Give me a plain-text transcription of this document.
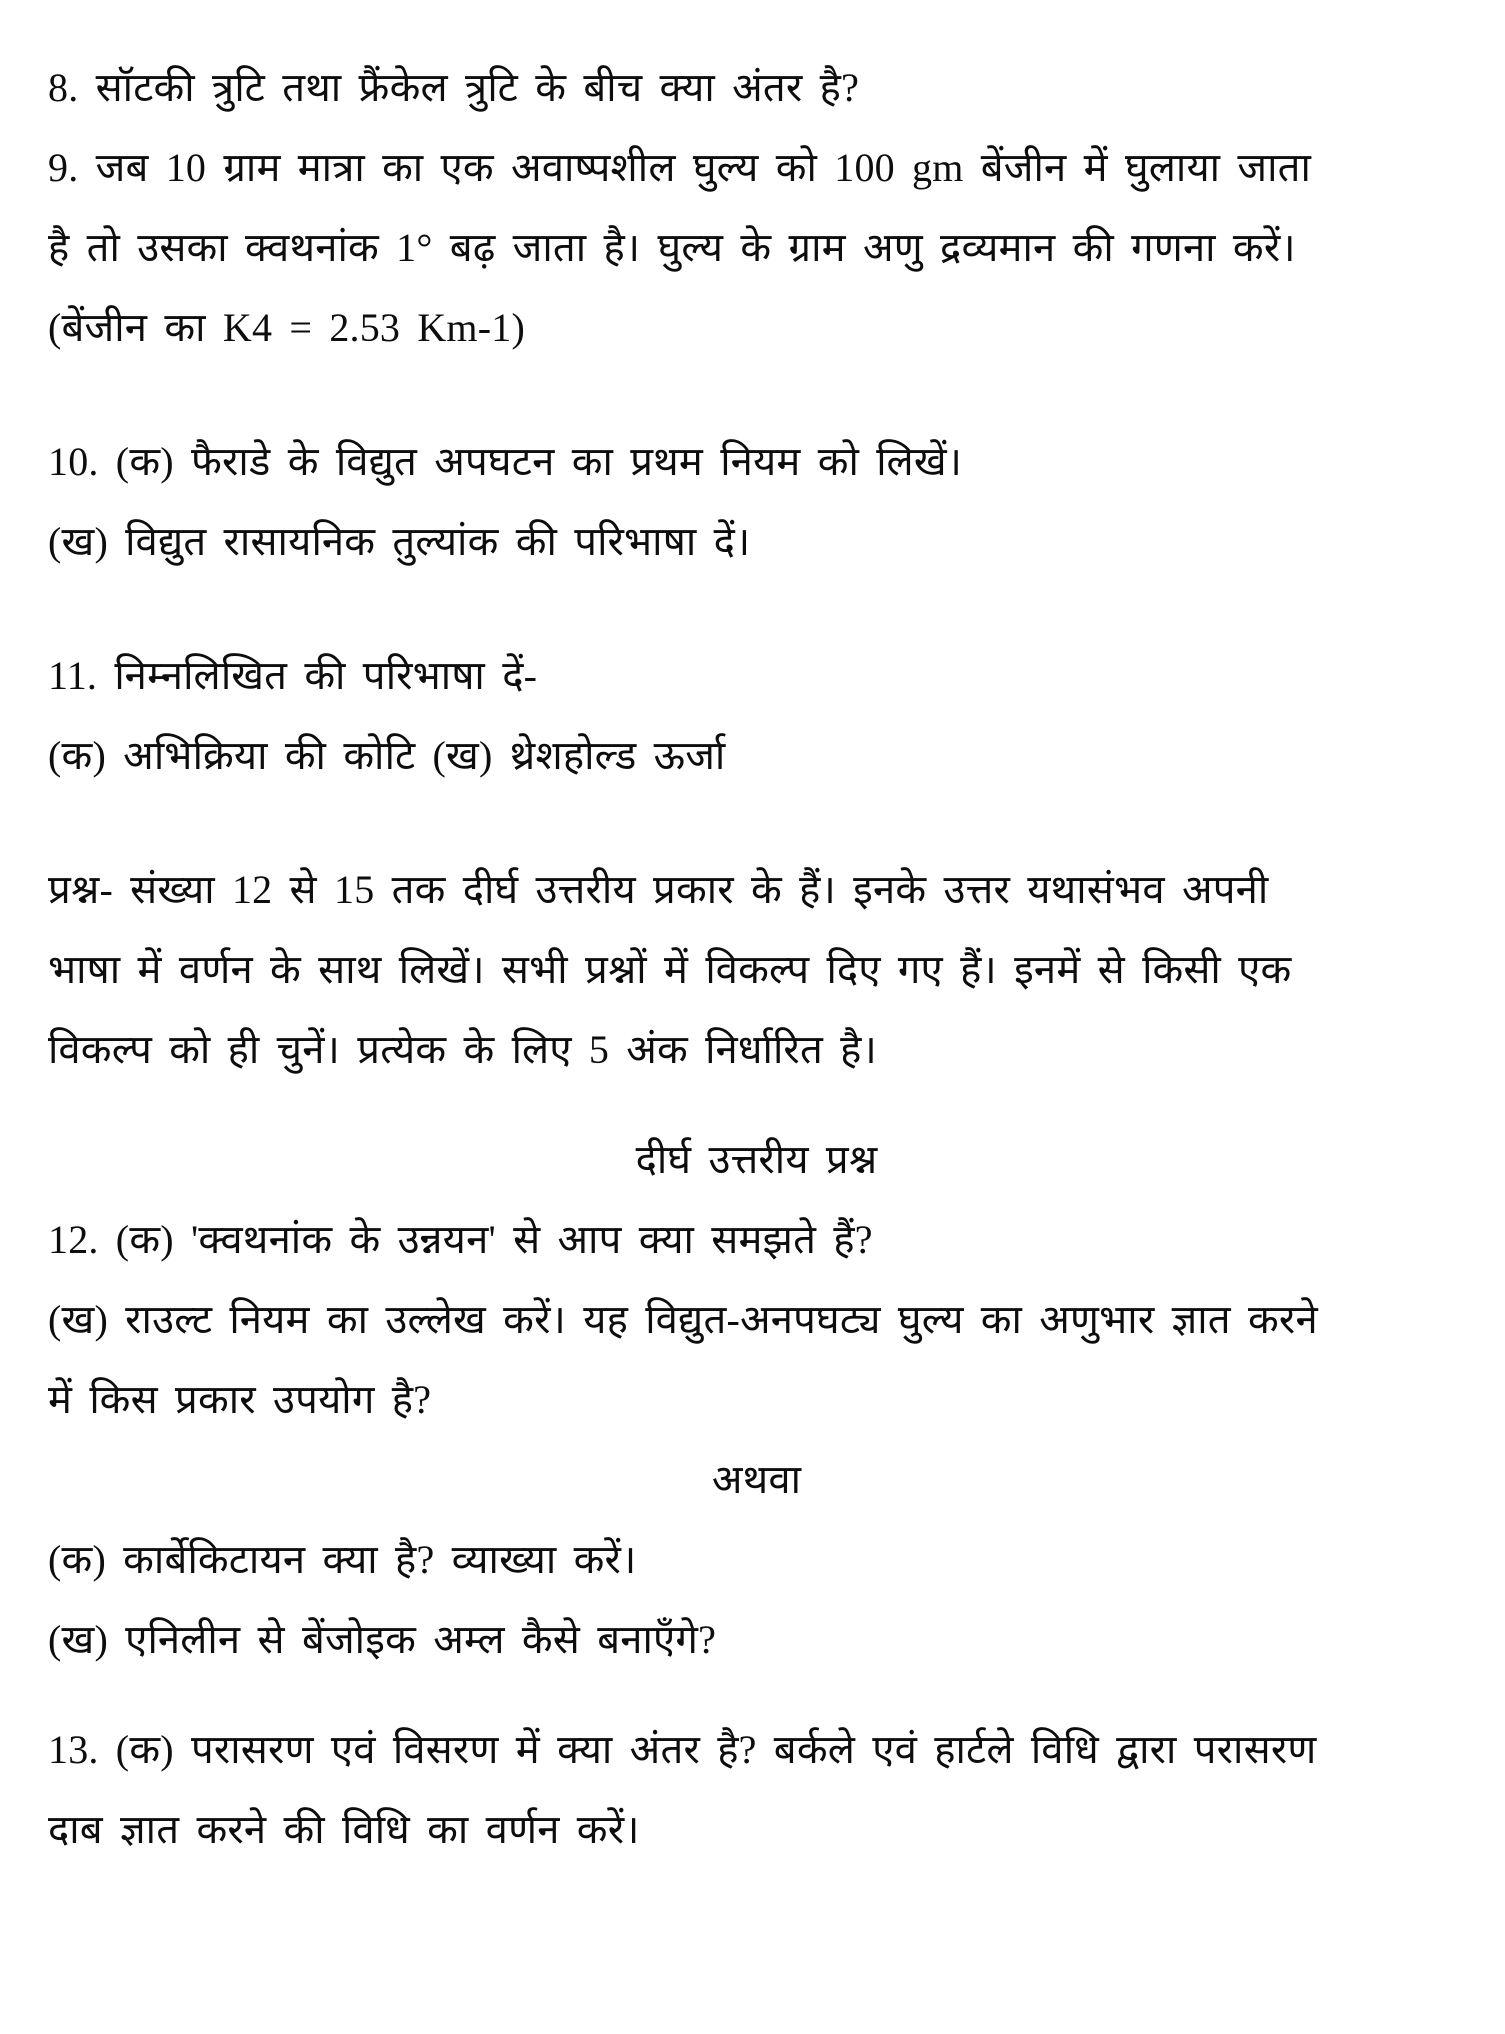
8. सॉटकी त्रुटि तथा फ्रैंकेल त्रुटि के बीच क्या अंतर है?
9. जब 10 ग्राम मात्रा का एक अवाष्पशील घुल्य को 100 gm बेंजीन में घुलाया जाता
है तो उसका क्वथनांक 1° बढ़ जाता है। घुल्य के ग्राम अणु द्रव्यमान की गणना करें।
(बेंजीन का K4 = 2.53 Km-1)
10. (क) फैराडे के विद्युत अपघटन का प्रथम नियम को लिखें।
(ख) विद्युत रासायनिक तुल्यांक की परिभाषा दें।
11. निम्नलिखित की परिभाषा दें-
(क) अभिक्रिया की कोटि (ख) थ्रेशहोल्ड ऊर्जा
प्रश्न- संख्या 12 से 15 तक दीर्घ उत्तरीय प्रकार के हैं। इनके उत्तर यथासंभव अपनी
भाषा में वर्णन के साथ लिखें। सभी प्रश्नों में विकल्प दिए गए हैं। इनमें से किसी एक
विकल्प को ही चुनें। प्रत्येक के लिए 5 अंक निर्धारित है।
दीर्घ उत्तरीय प्रश्न
12. (क) 'क्वथनांक के उन्नयन' से आप क्या समझते हैं?
(ख) राउल्ट नियम का उल्लेख करें। यह विद्युत-अनपघट्य घुल्य का अणुभार ज्ञात करने
में किस प्रकार उपयोग है?
अथवा
(क) कार्बेकिटायन क्या है? व्याख्या करें।
(ख) एनिलीन से बेंजोइक अम्ल कैसे बनाएँगे?
13. (क) परासरण एवं विसरण में क्या अंतर है? बर्कले एवं हार्टले विधि द्वारा परासरण
दाब ज्ञात करने की विधि का वर्णन करें।
